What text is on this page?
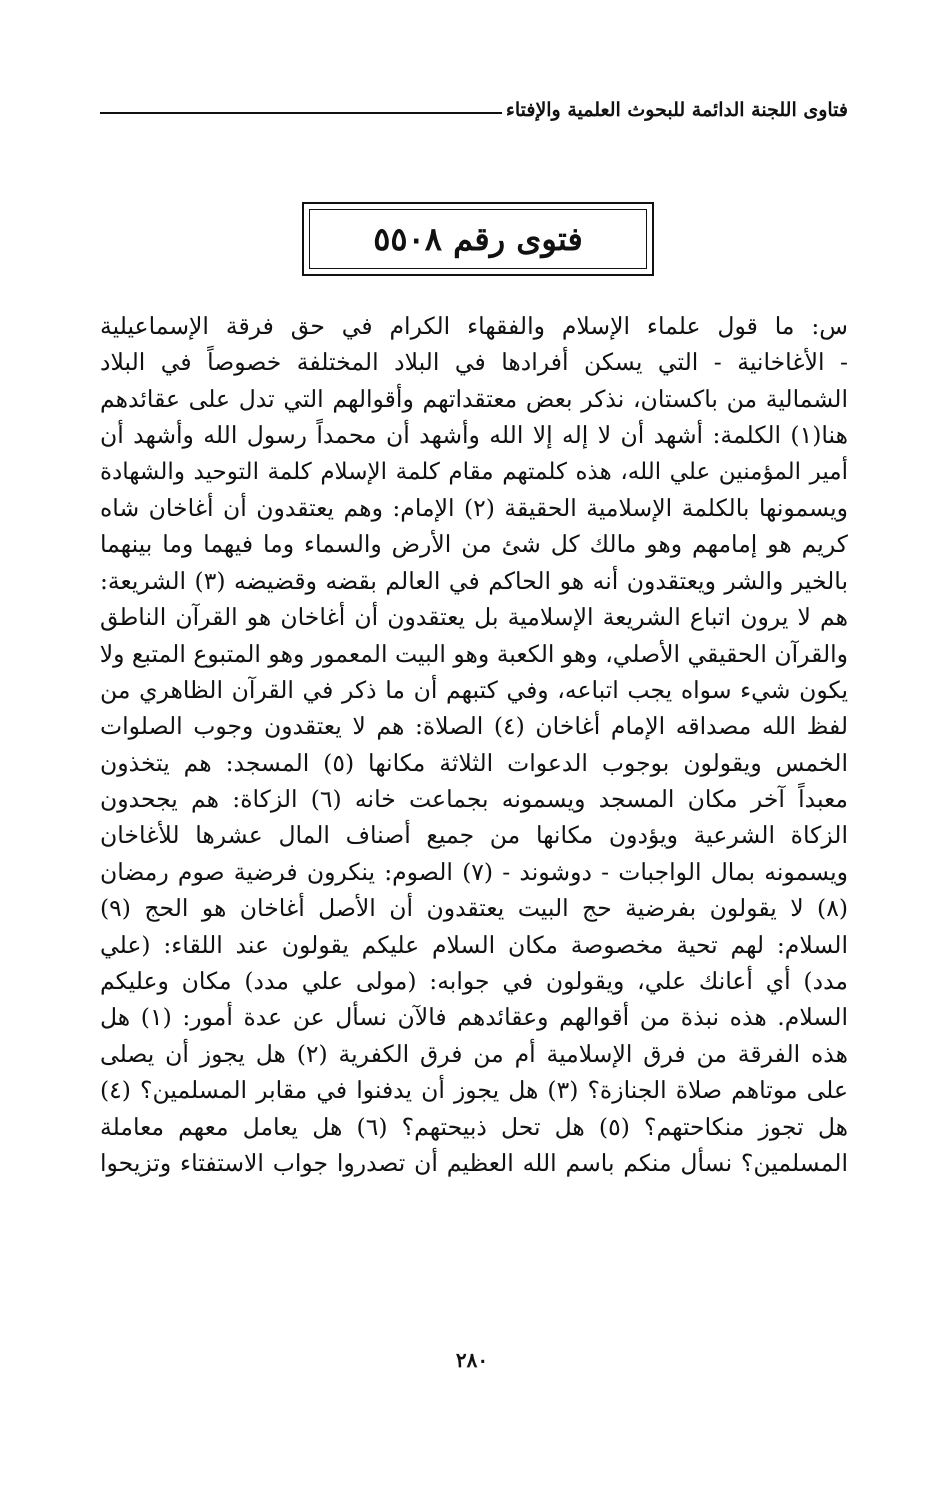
فتاوى اللجنة الدائمة للبحوث العلمية والإفتاء
فتوى رقم ٥٥٠٨
س: ما قول علماء الإسلام والفقهاء الكرام في حق فرقة الإسماعيلية
- الأغاخانية - التي يسكن أفرادها في البلاد المختلفة خصوصاً في البلاد
الشمالية من باكستان، نذكر بعض معتقداتهم وأقوالهم التي تدل على عقائدهم
هنا(١) الكلمة: أشهد أن لا إله إلا الله وأشهد أن محمداً رسول الله وأشهد أن
أمير المؤمنين علي الله، هذه كلمتهم مقام كلمة الإسلام كلمة التوحيد والشهادة
ويسمونها بالكلمة الإسلامية الحقيقة (٢) الإمام: وهم يعتقدون أن أغاخان شاه
كريم هو إمامهم وهو مالك كل شئ من الأرض والسماء وما فيهما وما بينهما
بالخير والشر ويعتقدون أنه هو الحاكم في العالم بقضه وقضيضه (٣) الشريعة:
هم لا يرون اتباع الشريعة الإسلامية بل يعتقدون أن أغاخان هو القرآن الناطق
والقرآن الحقيقي الأصلي، وهو الكعبة وهو البيت المعمور وهو المتبوع المتبع ولا
يكون شيء سواه يجب اتباعه، وفي كتبهم أن ما ذكر في القرآن الظاهري من
لفظ الله مصداقه الإمام أغاخان (٤) الصلاة: هم لا يعتقدون وجوب الصلوات
الخمس ويقولون بوجوب الدعوات الثلاثة مكانها (٥) المسجد: هم يتخذون
معبداً آخر مكان المسجد ويسمونه بجماعت خانه (٦) الزكاة: هم يجحدون
الزكاة الشرعية ويؤدون مكانها من جميع أصناف المال عشرها للأغاخان
ويسمونه بمال الواجبات - دوشوند - (٧) الصوم: ينكرون فرضية صوم رمضان
(٨) لا يقولون بفرضية حج البيت يعتقدون أن الأصل أغاخان هو الحج (٩)
السلام: لهم تحية مخصوصة مكان السلام عليكم يقولون عند اللقاء: (علي
مدد) أي أعانك علي، ويقولون في جوابه: (مولى علي مدد) مكان وعليكم
السلام. هذه نبذة من أقوالهم وعقائدهم فالآن نسأل عن عدة أمور: (١) هل
هذه الفرقة من فرق الإسلامية أم من فرق الكفرية (٢) هل يجوز أن يصلى
على موتاهم صلاة الجنازة؟ (٣) هل يجوز أن يدفنوا في مقابر المسلمين؟ (٤)
هل تجوز منكاحتهم؟ (٥) هل تحل ذبيحتهم؟ (٦) هل يعامل معهم معاملة
المسلمين؟ نسأل منكم باسم الله العظيم أن تصدروا جواب الاستفتاء وتزيحوا
٢٨٠
